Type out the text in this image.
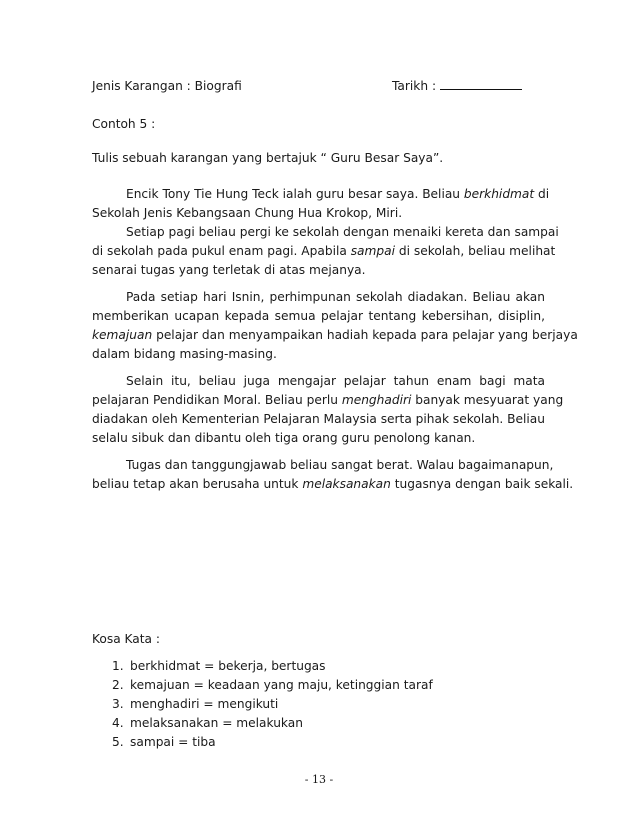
Jenis Karangan : Biografi	Tarikh :
Contoh 5 :
Tulis sebuah karangan yang bertajuk “ Guru Besar Saya”.
Encik Tony Tie Hung Teck ialah guru besar saya. Beliau berkhidmat di
Sekolah Jenis Kebangsaan Chung Hua Krokop, Miri.
Setiap pagi beliau pergi ke sekolah dengan menaiki kereta dan sampai
di sekolah pada pukul enam pagi. Apabila sampai di sekolah, beliau melihat
senarai tugas yang terletak di atas mejanya.
Pada setiap hari Isnin, perhimpunan sekolah diadakan. Beliau akan
memberikan ucapan kepada semua pelajar tentang kebersihan, disiplin,
kemajuan pelajar dan menyampaikan hadiah kepada para pelajar yang berjaya
dalam bidang masing-masing.
Selain itu, beliau juga mengajar pelajar tahun enam bagi mata
pelajaran Pendidikan Moral. Beliau perlu menghadiri banyak mesyuarat yang
diadakan oleh Kementerian Pelajaran Malaysia serta pihak sekolah. Beliau
selalu sibuk dan dibantu oleh tiga orang guru penolong kanan.
Tugas dan tanggungjawab beliau sangat berat. Walau bagaimanapun,
beliau tetap akan berusaha untuk melaksanakan tugasnya dengan baik sekali.
Kosa Kata :
1. berkhidmat = bekerja, bertugas
2. kemajuan = keadaan yang maju, ketinggian taraf
3. menghadiri = mengikuti
4. melaksanakan = melakukan
5. sampai = tiba
- 13 -
